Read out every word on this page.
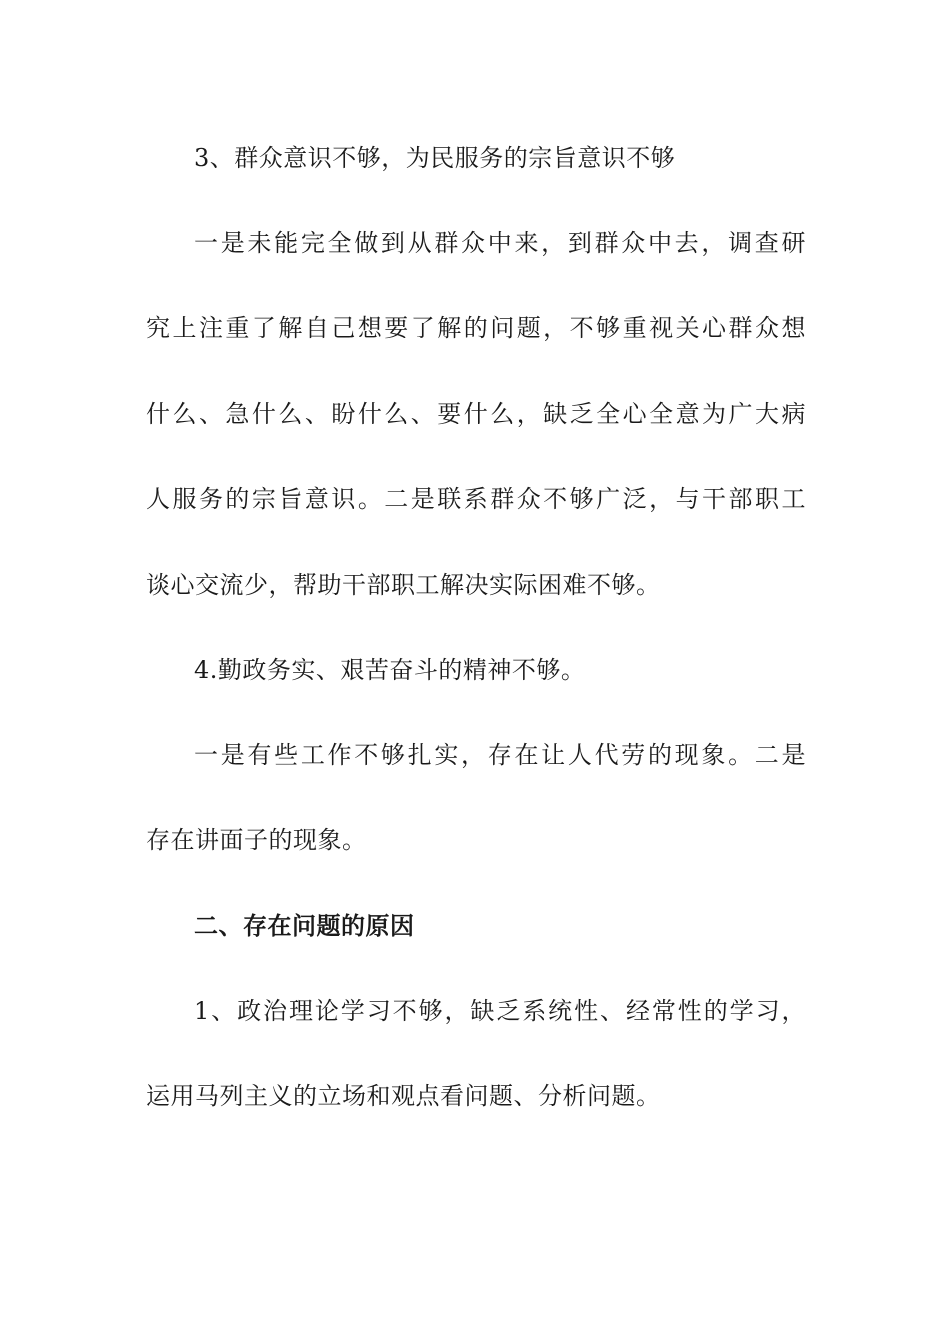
3、群众意识不够，为民服务的宗旨意识不够
一是未能完全做到从群众中来，到群众中去，调查研
究上注重了解自己想要了解的问题，不够重视关心群众想
什么、急什么、盼什么、要什么，缺乏全心全意为广大病
人服务的宗旨意识。二是联系群众不够广泛，与干部职工
谈心交流少，帮助干部职工解决实际困难不够。
4.勤政务实、艰苦奋斗的精神不够。
一是有些工作不够扎实，存在让人代劳的现象。二是
存在讲面子的现象。
二、存在问题的原因
1、政治理论学习不够，缺乏系统性、经常性的学习，
运用马列主义的立场和观点看问题、分析问题。
